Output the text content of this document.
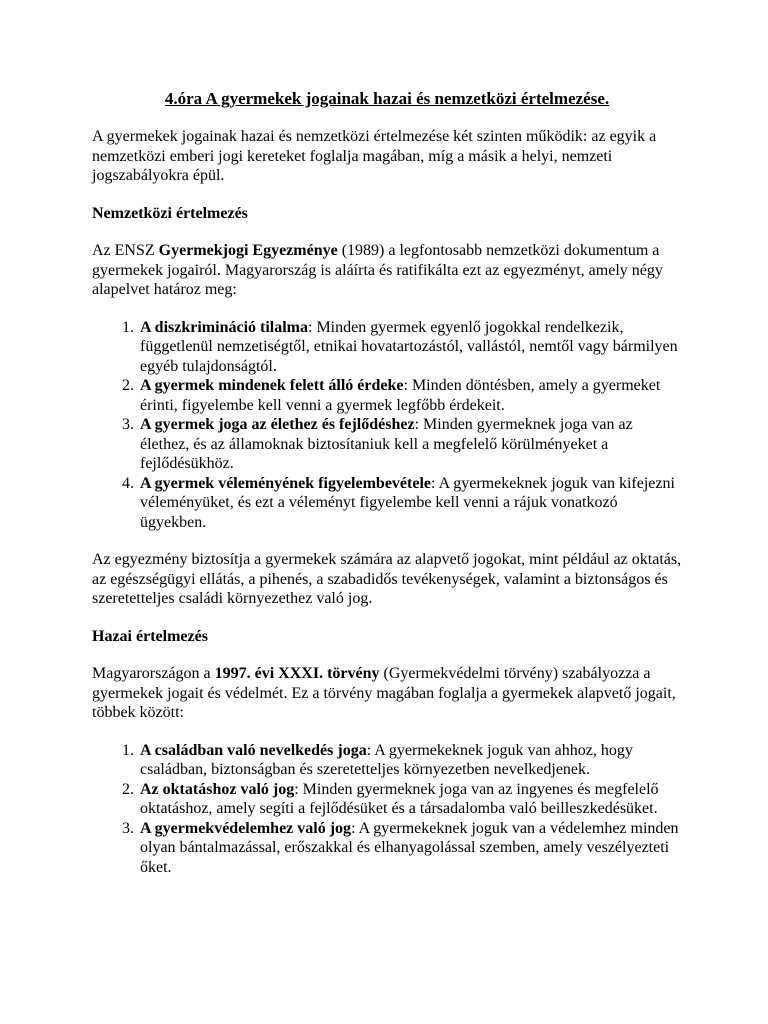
4.óra A gyermekek jogainak hazai és nemzetközi értelmezése.

A gyermekek jogainak hazai és nemzetközi értelmezése két szinten működik: az egyik a nemzetközi emberi jogi kereteket foglalja magában, míg a másik a helyi, nemzeti jogszabályokra épül.

Nemzetközi értelmezés

Az ENSZ Gyermekjogi Egyezménye (1989) a legfontosabb nemzetközi dokumentum a gyermekek jogairól. Magyarország is aláírta és ratifikálta ezt az egyezményt, amely négy alapelvet határoz meg:

1. A diszkrimináció tilalma: Minden gyermek egyenlő jogokkal rendelkezik, függetlenül nemzetiségtől, etnikai hovatartozástól, vallástól, nemtől vagy bármilyen egyéb tulajdonságtól.
2. A gyermek mindenek felett álló érdeke: Minden döntésben, amely a gyermeket érinti, figyelembe kell venni a gyermek legfőbb érdekeit.
3. A gyermek joga az élethez és fejlődéshez: Minden gyermeknek joga van az élethez, és az államoknak biztosítaniuk kell a megfelelő körülményeket a fejlődésükhöz.
4. A gyermek véleményének figyelembevétele: A gyermekeknek joguk van kifejezni véleményüket, és ezt a véleményt figyelembe kell venni a rájuk vonatkozó ügyekben.

Az egyezmény biztosítja a gyermekek számára az alapvető jogokat, mint például az oktatás, az egészségügyi ellátás, a pihenés, a szabadidős tevékenységek, valamint a biztonságos és szeretetteljes családi környezethez való jog.

Hazai értelmezés

Magyarországon a 1997. évi XXXI. törvény (Gyermekvédelmi törvény) szabályozza a gyermekek jogait és védelmét. Ez a törvény magában foglalja a gyermekek alapvető jogait, többek között:

1. A családban való nevelkedés joga: A gyermekeknek joguk van ahhoz, hogy családban, biztonságban és szeretetteljes környezetben nevelkedjenek.
2. Az oktatáshoz való jog: Minden gyermeknek joga van az ingyenes és megfelelő oktatáshoz, amely segíti a fejlődésüket és a társadalomba való beilleszkedésüket.
3. A gyermekvédelemhez való jog: A gyermekeknek joguk van a védelemhez minden olyan bántalmazással, erőszakkal és elhanyagolással szemben, amely veszélyezteti őket.
